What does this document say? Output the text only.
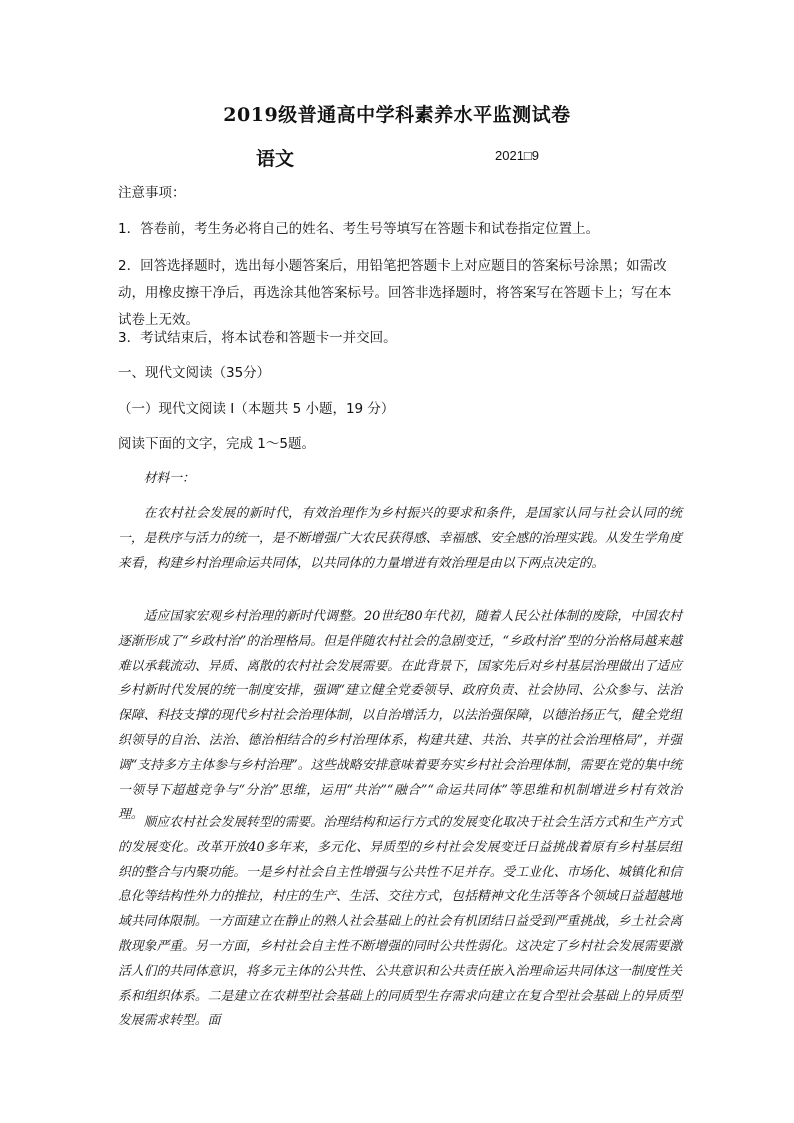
2019级普通高中学科素养水平监测试卷
语文	2021□9

注意事项：

1．答卷前，考生务必将自己的姓名、考生号等填写在答题卡和试卷指定位置上。

2．回答选择题时，选出每小题答案后，用铅笔把答题卡上对应题目的答案标号涂黑；如需改动，用橡皮擦干净后，再选涂其他答案标号。回答非选择题时，将答案写在答题卡上；写在本试卷上无效。

3．考试结束后，将本试卷和答题卡一并交回。

一、现代文阅读（35分）

（一）现代文阅读 I（本题共 5 小题，19 分）

阅读下面的文字，完成 1～5题。

材料一：

在农村社会发展的新时代，有效治理作为乡村振兴的要求和条件，是国家认同与社会认同的统一，是秩序与活力的统一，是不断增强广大农民获得感、幸福感、安全感的治理实践。从发生学角度来看，构建乡村治理命运共同体，以共同体的力量增进有效治理是由以下两点决定的。

适应国家宏观乡村治理的新时代调整。20世纪80年代初，随着人民公社体制的废除，中国农村逐渐形成了“乡政村治”的治理格局。但是伴随农村社会的急剧变迁，“乡政村治”型的分治格局越来越难以承载流动、异质、离散的农村社会发展需要。在此背景下，国家先后对乡村基层治理做出了适应乡村新时代发展的统一制度安排，强调“建立健全党委领导、政府负责、社会协同、公众参与、法治保障、科技支撑的现代乡村社会治理体制，以自治增活力，以法治强保障，以德治扬正气，健全党组织领导的自治、法治、德治相结合的乡村治理体系，构建共建、共治、共享的社会治理格局”，并强调“支持多方主体参与乡村治理”。这些战略安排意味着要夯实乡村社会治理体制，需要在党的集中统一领导下超越竞争与“分治”思维，运用“共治”“融合”“命运共同体”等思维和机制增进乡村有效治理。

顺应农村社会发展转型的需要。治理结构和运行方式的发展变化取决于社会生活方式和生产方式的发展变化。改革开放40多年来，多元化、异质型的乡村社会发展变迁日益挑战着原有乡村基层组织的整合与内聚功能。一是乡村社会自主性增强与公共性不足并存。受工业化、市场化、城镇化和信息化等结构性外力的推拉，村庄的生产、生活、交往方式，包括精神文化生活等各个领域日益超越地域共同体限制。一方面建立在静止的熟人社会基础上的社会有机团结日益受到严重挑战，乡土社会离散现象严重。另一方面，乡村社会自主性不断增强的同时公共性弱化。这决定了乡村社会发展需要激活人们的共同体意识，将多元主体的公共性、公共意识和公共责任嵌入治理命运共同体这一制度性关系和组织体系。二是建立在农耕型社会基础上的同质型生存需求向建立在复合型社会基础上的异质型发展需求转型。面
